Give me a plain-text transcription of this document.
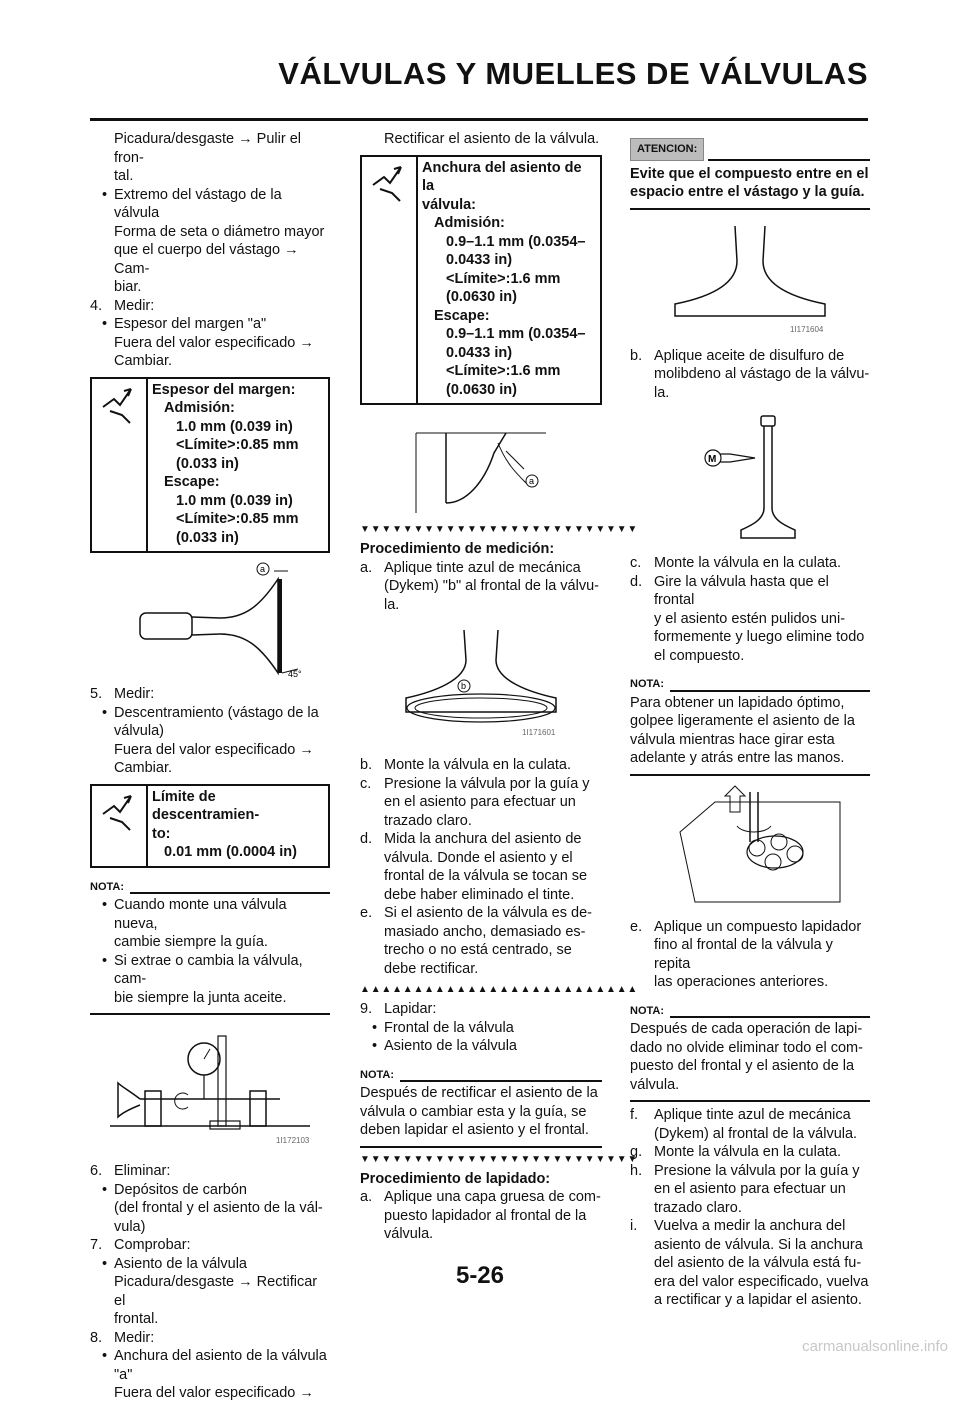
VÁLVULAS Y MUELLES DE VÁLVULAS

Picadura/desgaste → Pulir el fron-

tal.

• Extremo del vástago de la válvula

Forma de seta o diámetro mayor

que el cuerpo del vástago → Cam-

biar.

4. Medir:

• Espesor del margen "a"

Fuera del valor especificado →

Cambiar.

Espesor del margen:
Admisión:
1.0 mm (0.039 in)
<Límite>:0.85 mm
(0.033 in)
Escape:
1.0 mm (0.039 in)
<Límite>:0.85 mm
(0.033 in)
a
45°

5. Medir:

• Descentramiento (vástago de la

válvula)

Fuera del valor especificado →

Cambiar.

Límite de descentramien-
to:
0.01 mm (0.0004 in)
NOTA:

• Cuando monte una válvula nueva,

cambie siempre la guía.

• Si extrae o cambia la válvula, cam-

bie siempre la junta aceite.

1I172103

6. Eliminar:

• Depósitos de carbón

(del frontal y el asiento de la vál-

vula)

7. Comprobar:

• Asiento de la válvula

Picadura/desgaste → Rectificar el

frontal.

8. Medir:

• Anchura del asiento de la válvula

"a"

Fuera del valor especificado →

Rectificar el asiento de la válvula.

Anchura del asiento de la
válvula:
Admisión:
0.9–1.1 mm (0.0354–
0.0433 in)
<Límite>:1.6 mm
(0.0630 in)
Escape:
0.9–1.1 mm (0.0354–
0.0433 in)
<Límite>:1.6 mm
(0.0630 in)
a
▼▼▼▼▼▼▼▼▼▼▼▼▼▼▼▼▼▼▼▼▼▼▼▼▼▼

Procedimiento de medición:

a. Aplique tinte azul de mecánica

(Dykem) "b" al frontal de la válvu-

la.

b
1I171601

b. Monte la válvula en la culata.

c. Presione la válvula por la guía y

en el asiento para efectuar un

trazado claro.

d. Mida la anchura del asiento de

válvula. Donde el asiento y el

frontal de la válvula se tocan se

debe haber eliminado el tinte.

e. Si el asiento de la válvula es de-

masiado ancho, demasiado es-

trecho o no está centrado, se

debe rectificar.

▲▲▲▲▲▲▲▲▲▲▲▲▲▲▲▲▲▲▲▲▲▲▲▲▲▲

9. Lapidar:

• Frontal de la válvula

• Asiento de la válvula

NOTA:

Después de rectificar el asiento de la

válvula o cambiar esta y la guía, se

deben lapidar el asiento y el frontal.

▼▼▼▼▼▼▼▼▼▼▼▼▼▼▼▼▼▼▼▼▼▼▼▼▼▼

Procedimiento de lapidado:

a. Aplique una capa gruesa de com-

puesto lapidador al frontal de la

válvula.

ATENCION:

Evite que el compuesto entre en el

espacio entre el vástago y la guía.

1I171604

b. Aplique aceite de disulfuro de

molibdeno al vástago de la válvu-

la.

M

c. Monte la válvula en la culata.

d. Gire la válvula hasta que el frontal

y el asiento estén pulidos uni-

formemente y luego elimine todo

el compuesto.

NOTA:

Para obtener un lapidado óptimo,

golpee ligeramente el asiento de la

válvula mientras hace girar esta

adelante y atrás entre las manos.

e. Aplique un compuesto lapidador

fino al frontal de la válvula y repita

las operaciones anteriores.

NOTA:

Después de cada operación de lapi-

dado no olvide eliminar todo el com-

puesto del frontal y el asiento de la

válvula.

f. Aplique tinte azul de mecánica

(Dykem) al frontal de la válvula.

g. Monte la válvula en la culata.

h. Presione la válvula por la guía y

en el asiento para efectuar un

trazado claro.

i. Vuelva a medir la anchura del

asiento de válvula. Si la anchura

del asiento de la válvula está fu-

era del valor especificado, vuelva

a rectificar y a lapidar el asiento.

5-26
carmanualsonline.info
